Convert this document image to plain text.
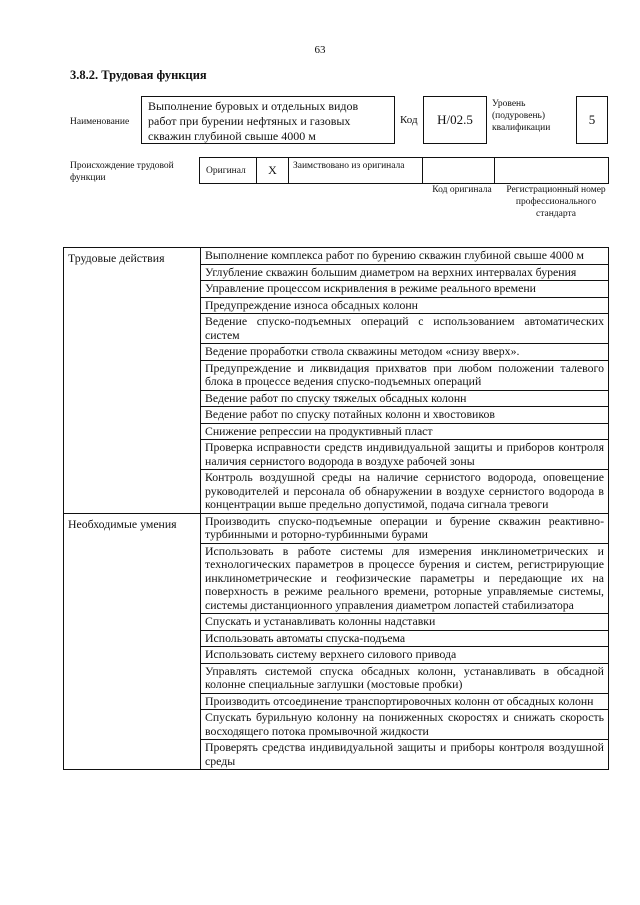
63
3.8.2. Трудовая функция
Наименование
Выполнение буровых и отдельных видов работ при бурении нефтяных и газовых скважин глубиной свыше 4000 м
Код	H/02.5
Уровень (подуровень) квалификации
5
Происхождение трудовой функции
Оригинал	X	Заимствовано из оригинала
Код оригинала	Регистрационный номер профессионального стандарта
Трудовые действия	Выполнение комплекса работ по бурению скважин глубиной свыше 4000 м
	Углубление скважин большим диаметром на верхних интервалах бурения
	Управление процессом искривления в режиме реального времени
	Предупреждение износа обсадных колонн
	Ведение спуско-подъемных операций с использованием автоматических систем
	Ведение проработки ствола скважины методом «снизу вверх».
	Предупреждение и ликвидация прихватов при любом положении талевого блока в процессе ведения спуско-подъемных операций
	Ведение работ по спуску тяжелых обсадных колонн
	Ведение работ по спуску потайных колонн и хвостовиков
	Снижение репрессии на продуктивный пласт
	Проверка исправности средств индивидуальной защиты и приборов контроля наличия сернистого водорода в воздухе рабочей зоны
	Контроль воздушной среды на наличие сернистого водорода, оповещение руководителей и персонала об обнаружении в воздухе сернистого водорода в концентрации выше предельно допустимой, подача сигнала тревоги
Необходимые умения	Производить спуско-подъемные операции и бурение скважин реактивно-турбинными и роторно-турбинными бурами
	Использовать в работе системы для измерения инклинометрических и технологических параметров в процессе бурения и систем, регистрирующие инклинометрические и геофизические параметры и передающие их на поверхность в режиме реального времени, роторные управляемые системы, системы дистанционного управления диаметром лопастей стабилизатора
	Спускать и устанавливать колонны надставки
	Использовать автоматы спуска-подъема
	Использовать систему верхнего силового привода
	Управлять системой спуска обсадных колонн, устанавливать в обсадной колонне специальные заглушки (мостовые пробки)
	Производить отсоединение транспортировочных колонн от обсадных колонн
	Спускать бурильную колонну на пониженных скоростях и снижать скорость восходящего потока промывочной жидкости
	Проверять средства индивидуальной защиты и приборы контроля воздушной среды
